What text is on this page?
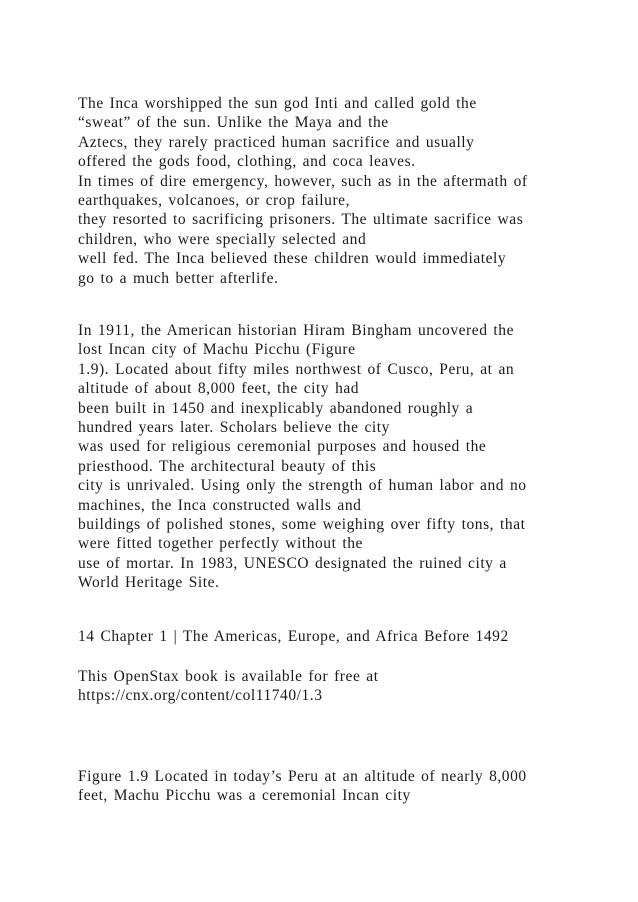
The Inca worshipped the sun god Inti and called gold the
“sweat” of the sun. Unlike the Maya and the
Aztecs, they rarely practiced human sacrifice and usually
offered the gods food, clothing, and coca leaves.
In times of dire emergency, however, such as in the aftermath of
earthquakes, volcanoes, or crop failure,
they resorted to sacrificing prisoners. The ultimate sacrifice was
children, who were specially selected and
well fed. The Inca believed these children would immediately
go to a much better afterlife.
In 1911, the American historian Hiram Bingham uncovered the
lost Incan city of Machu Picchu (Figure
1.9). Located about fifty miles northwest of Cusco, Peru, at an
altitude of about 8,000 feet, the city had
been built in 1450 and inexplicably abandoned roughly a
hundred years later. Scholars believe the city
was used for religious ceremonial purposes and housed the
priesthood. The architectural beauty of this
city is unrivaled. Using only the strength of human labor and no
machines, the Inca constructed walls and
buildings of polished stones, some weighing over fifty tons, that
were fitted together perfectly without the
use of mortar. In 1983, UNESCO designated the ruined city a
World Heritage Site.
14 Chapter 1 | The Americas, Europe, and Africa Before 1492
This OpenStax book is available for free at
https://cnx.org/content/col11740/1.3
Figure 1.9 Located in today’s Peru at an altitude of nearly 8,000
feet, Machu Picchu was a ceremonial Incan city
